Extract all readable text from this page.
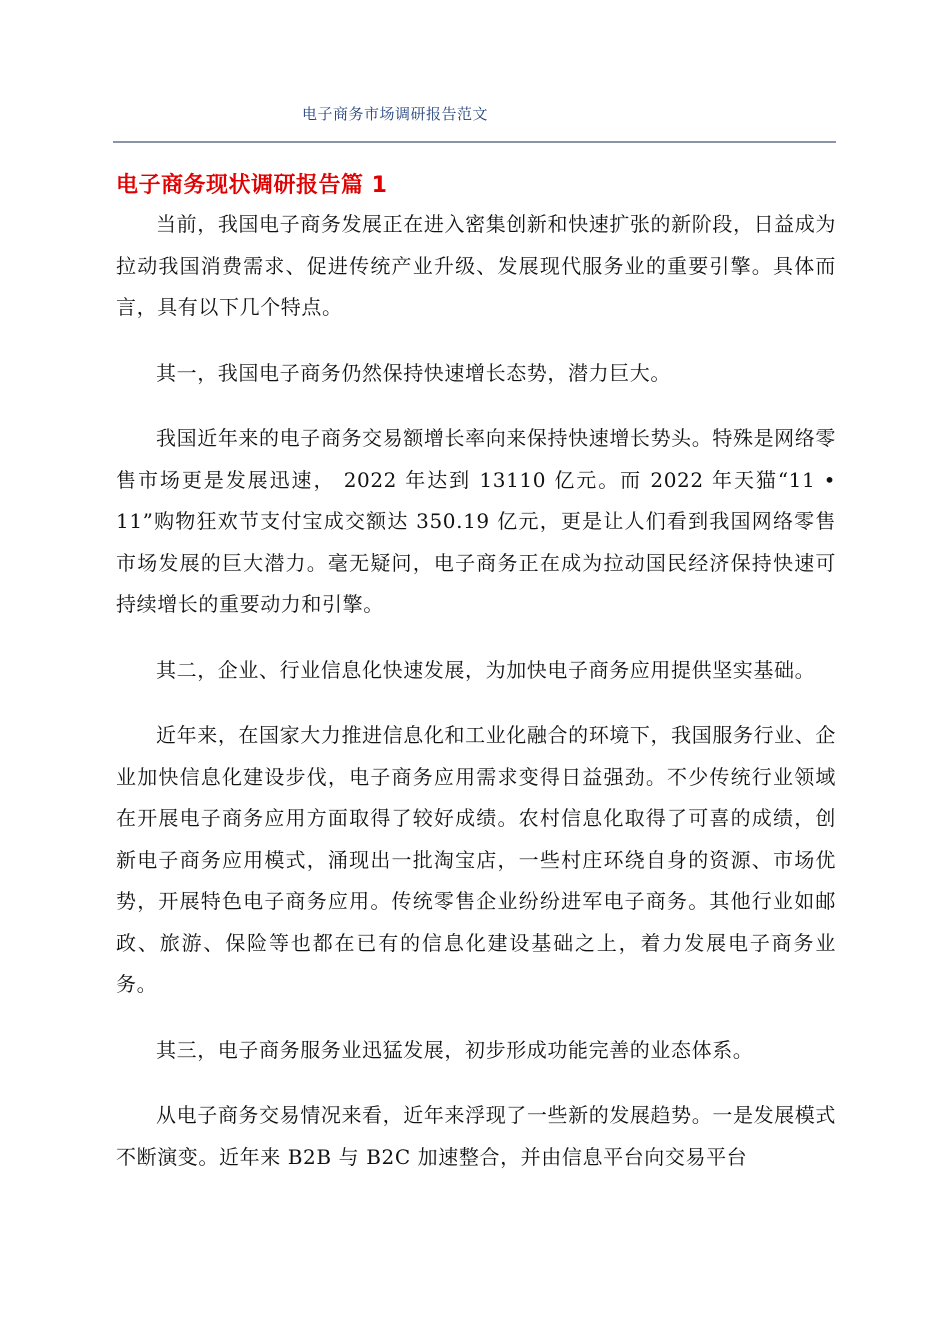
电子商务市场调研报告范文
电子商务现状调研报告篇 1

当前，我国电子商务发展正在进入密集创新和快速扩张的新阶段，日益成为拉动我国消费需求、促进传统产业升级、发展现代服务业的重要引擎。具体而言，具有以下几个特点。

其一，我国电子商务仍然保持快速增长态势，潜力巨大。

我国近年来的电子商务交易额增长率向来保持快速增长势头。特殊是网络零售市场更是发展迅速， 2022 年达到 13110 亿元。而 2022 年天猫“11 • 11”购物狂欢节支付宝成交额达 350.19 亿元，更是让人们看到我国网络零售市场发展的巨大潜力。毫无疑问，电子商务正在成为拉动国民经济保持快速可持续增长的重要动力和引擎。

其二，企业、行业信息化快速发展，为加快电子商务应用提供坚实基础。

近年来，在国家大力推进信息化和工业化融合的环境下，我国服务行业、企业加快信息化建设步伐，电子商务应用需求变得日益强劲。不少传统行业领域在开展电子商务应用方面取得了较好成绩。农村信息化取得了可喜的成绩，创新电子商务应用模式，涌现出一批淘宝店，一些村庄环绕自身的资源、市场优势，开展特色电子商务应用。传统零售企业纷纷进军电子商务。其他行业如邮政、旅游、保险等也都在已有的信息化建设基础之上，着力发展电子商务业务。

其三，电子商务服务业迅猛发展，初步形成功能完善的业态体系。

从电子商务交易情况来看，近年来浮现了一些新的发展趋势。一是发展模式不断演变。近年来 B2B 与 B2C 加速整合，并由信息平台向交易平台
